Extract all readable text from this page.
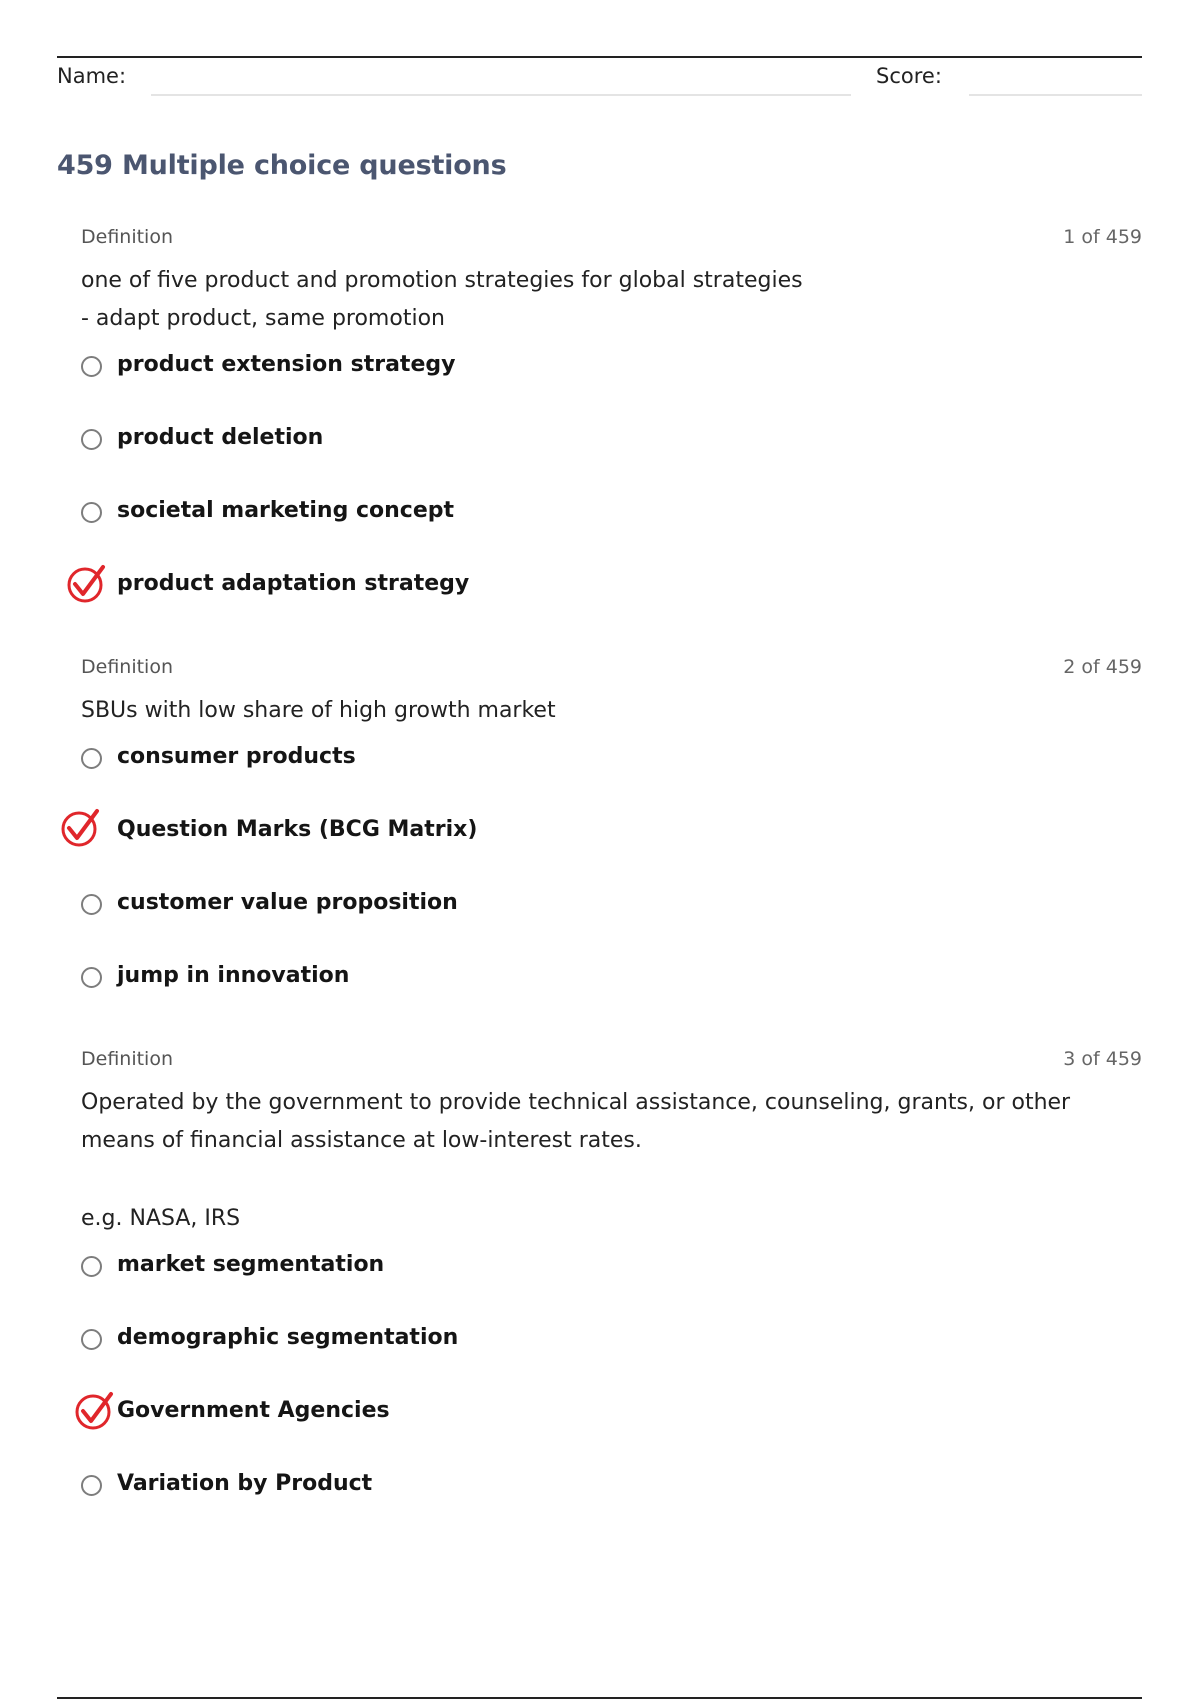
Name:	Score:
459 Multiple choice questions
Definition	1 of 459
one of five product and promotion strategies for global strategies
- adapt product, same promotion
product extension strategy
product deletion
societal marketing concept
product adaptation strategy
Definition	2 of 459
SBUs with low share of high growth market
consumer products
Question Marks (BCG Matrix)
customer value proposition
jump in innovation
Definition	3 of 459
Operated by the government to provide technical assistance, counseling, grants, or other
means of financial assistance at low-interest rates.
e.g. NASA, IRS
market segmentation
demographic segmentation
Government Agencies
Variation by Product
